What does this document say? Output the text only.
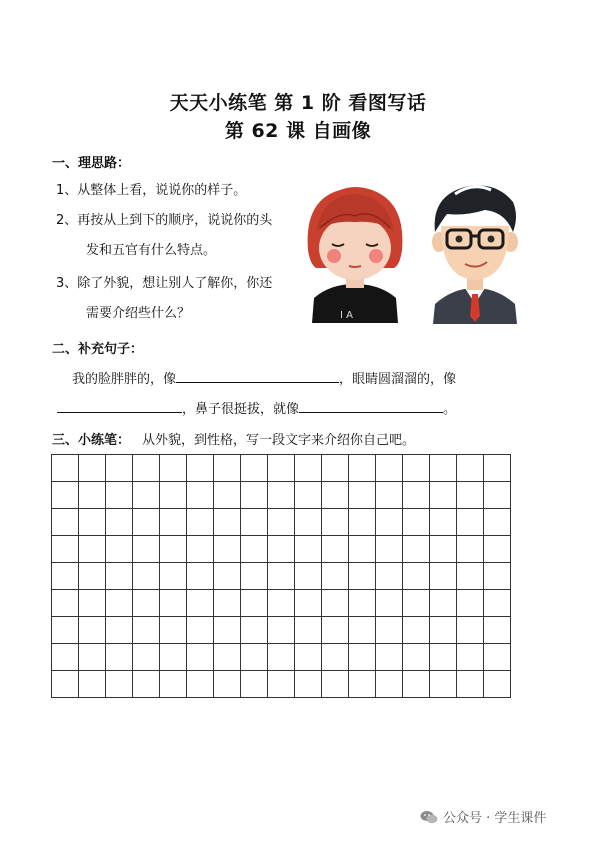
天天小练笔 第 1 阶 看图写话
第 62 课 自画像
一、理思路：
1、从整体上看，说说你的样子。
2、再按从上到下的顺序，说说你的头
发和五官有什么特点。
3、除了外貌，想让别人了解你，你还
需要介绍些什么？	I A
二、补充句子：
我的脸胖胖的，像	，眼睛圆溜溜的，像
，鼻子很挺拔，就像	。
三、小练笔： 从外貌，到性格，写一段文字来介绍你自己吧。
公众号 · 学生课件
